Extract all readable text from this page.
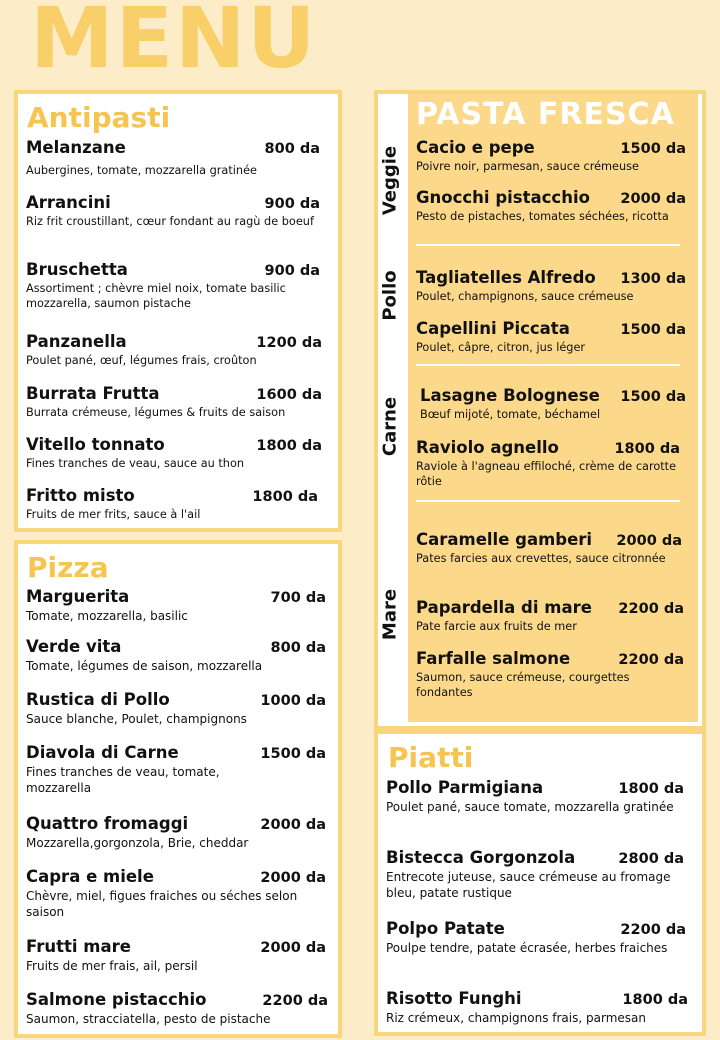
MENU
Antipasti
Melanzane	800 da
Aubergines, tomate, mozzarella gratinée
Arrancini	900 da
Riz frit croustillant, cœur fondant au ragù de boeuf
Bruschetta	900 da
Assortiment ; chèvre miel noix, tomate basilic mozzarella, saumon pistache
Panzanella	1200 da
Poulet pané, œuf, légumes frais, croûton
Burrata Frutta	1600 da
Burrata crémeuse, légumes & fruits de saison
Vitello tonnato	1800 da
Fines tranches de veau, sauce au thon
Fritto misto	1800 da
Fruits de mer frits, sauce à l'ail
Pizza
Marguerita	700 da
Tomate, mozzarella, basilic
Verde vita	800 da
Tomate, légumes de saison, mozzarella
Rustica di Pollo	1000 da
Sauce blanche, Poulet, champignons
Diavola di Carne	1500 da
Fines tranches de veau, tomate, mozzarella
Quattro fromaggi	2000 da
Mozzarella,gorgonzola, Brie, cheddar
Capra e miele	2000 da
Chèvre, miel, figues fraiches ou séches selon saison
Frutti mare	2000 da
Fruits de mer frais, ail, persil
Salmone pistacchio	2200 da
Saumon, stracciatella, pesto de pistache
PASTA FRESCA
Veggie
Pollo
Carne
Mare
Cacio e pepe	1500 da
Poivre noir, parmesan, sauce crémeuse
Gnocchi pistacchio 2000 da
Pesto de pistaches, tomates séchées, ricotta
Tagliatelles Alfredo 1300 da
Poulet, champignons, sauce crémeuse
Capellini Piccata	1500 da
Poulet, câpre, citron, jus léger
Lasagne Bolognese 1500 da
Bœuf mijoté, tomate, béchamel
Raviolo agnello	1800 da
Raviole à l'agneau effiloché, crème de carotte rôtie
Caramelle gamberi 2000 da
Pates farcies aux crevettes, sauce citronnée
Papardella di mare 2200 da
Pate farcie aux fruits de mer
Farfalle salmone	2200 da
Saumon, sauce crémeuse, courgettes fondantes
Piatti
Pollo Parmigiana	1800 da
Poulet pané, sauce tomate, mozzarella gratinée
Bistecca Gorgonzola	2800 da
Entrecote juteuse, sauce crémeuse au fromage bleu, patate rustique
Polpo Patate	2200 da
Poulpe tendre, patate écrasée, herbes fraiches
Risotto Funghi	1800 da
Riz crémeux, champignons frais, parmesan
